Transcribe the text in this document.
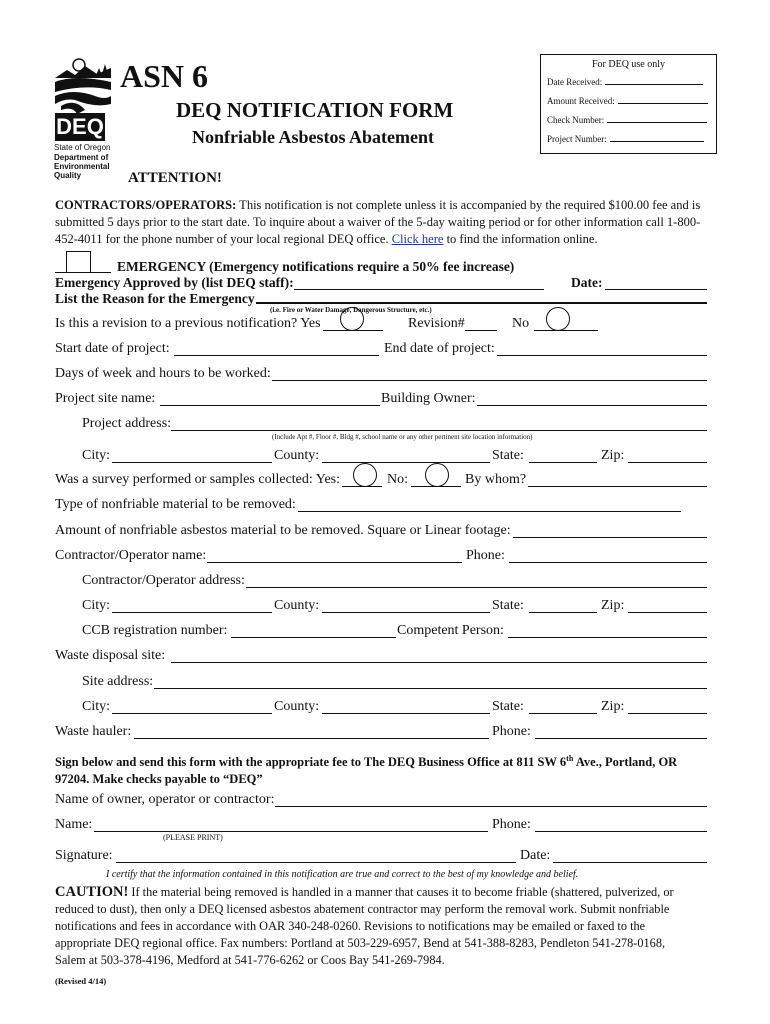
DEQ
State of Oregon
Department of
Environmental
Quality
ASN 6
DEQ NOTIFICATION FORM
Nonfriable Asbestos Abatement
ATTENTION!
For DEQ use only
Date Received:
Amount Received:
Check Number:
Project Number:
CONTRACTORS/OPERATORS: This notification is not complete unless it is accompanied by the required $100.00 fee and is
submitted 5 days prior to the start date. To inquire about a waiver of the 5-day waiting period or for other information call 1-800-
452-4011 for the phone number of your local regional DEQ office. Click here to find the information online.
EMERGENCY (Emergency notifications require a 50% fee increase)
Emergency Approved by (list DEQ staff):	Date:
List the Reason for the Emergency
(i.e. Fire or Water Damage, Dangerous Structure, etc.)
Is this a revision to a previous notification? Yes	Revision#	No
Start date of project:	End date of project:
Days of week and hours to be worked:
Project site name:	Building Owner:
Project address:
(Include Apt #, Floor #, Bldg #, school name or any other pertinent site location information)
City:	County:	State:	Zip:
Was a survey performed or samples collected: Yes:	No:	By whom?
Type of nonfriable material to be removed:
Amount of nonfriable asbestos material to be removed. Square or Linear footage:
Contractor/Operator name:	Phone:
Contractor/Operator address:
City:	County:	State:	Zip:
CCB registration number:	Competent Person:
Waste disposal site:
Site address:
City:	County:	State:	Zip:
Waste hauler:	Phone:
Sign below and send this form with the appropriate fee to The DEQ Business Office at 811 SW 6th Ave., Portland, OR
97204. Make checks payable to “DEQ”
Name of owner, operator or contractor:
Name:
(PLEASE PRINT)
Phone:
Signature:	Date:
I certify that the information contained in this notification are true and correct to the best of my knowledge and belief.
CAUTION! If the material being removed is handled in a manner that causes it to become friable (shattered, pulverized, or
reduced to dust), then only a DEQ licensed asbestos abatement contractor may perform the removal work. Submit nonfriable
notifications and fees in accordance with OAR 340-248-0260. Revisions to notifications may be emailed or faxed to the
appropriate DEQ regional office. Fax numbers: Portland at 503-229-6957, Bend at 541-388-8283, Pendleton 541-278-0168,
Salem at 503-378-4196, Medford at 541-776-6262 or Coos Bay 541-269-7984.
(Revised 4/14)
